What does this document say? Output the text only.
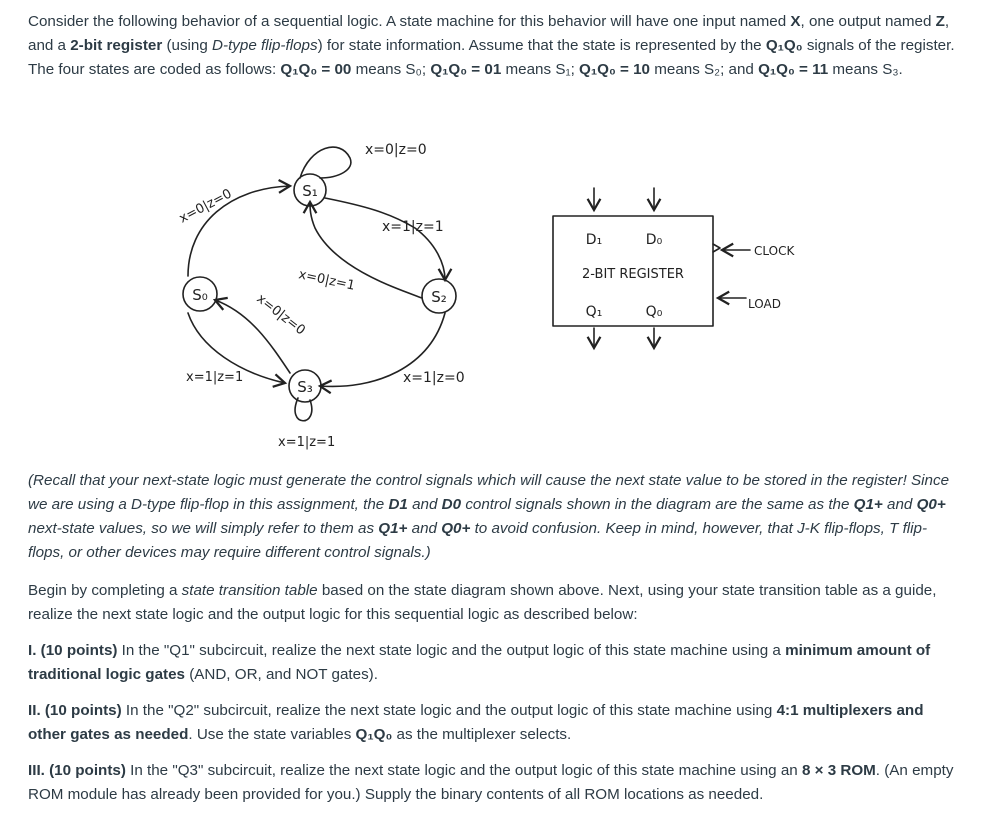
Consider the following behavior of a sequential logic. A state machine for this behavior will have one input named X, one output named Z, and a 2-bit register (using D-type flip-flops) for state information. Assume that the state is represented by the Q₁Q₀ signals of the register. The four states are coded as follows: Q₁Q₀ = 00 means S₀; Q₁Q₀ = 01 means S₁; Q₁Q₀ = 10 means S₂; and Q₁Q₀ = 11 means S₃.

S₁
S₀	S₂
S₃
x=0|z=0
x=0|z=0
x=1|z=1
x=0|z=1
x=0|z=0
x=1|z=1	x=1|z=0
x=1|z=1
D₁	D₀
2-BIT REGISTER
Q₁	Q₀
CLOCK
LOAD

(Recall that your next-state logic must generate the control signals which will cause the next state value to be stored in the register! Since we are using a D-type flip-flop in this assignment, the D1 and D0 control signals shown in the diagram are the same as the Q1+ and Q0+ next-state values, so we will simply refer to them as Q1+ and Q0+ to avoid confusion. Keep in mind, however, that J-K flip-flops, T flip-flops, or other devices may require different control signals.)

Begin by completing a state transition table based on the state diagram shown above. Next, using your state transition table as a guide, realize the next state logic and the output logic for this sequential logic as described below:

I. (10 points) In the "Q1" subcircuit, realize the next state logic and the output logic of this state machine using a minimum amount of traditional logic gates (AND, OR, and NOT gates).

II. (10 points) In the "Q2" subcircuit, realize the next state logic and the output logic of this state machine using 4:1 multiplexers and other gates as needed. Use the state variables Q₁Q₀ as the multiplexer selects.

III. (10 points) In the "Q3" subcircuit, realize the next state logic and the output logic of this state machine using an 8 × 3 ROM. (An empty ROM module has already been provided for you.) Supply the binary contents of all ROM locations as needed.
